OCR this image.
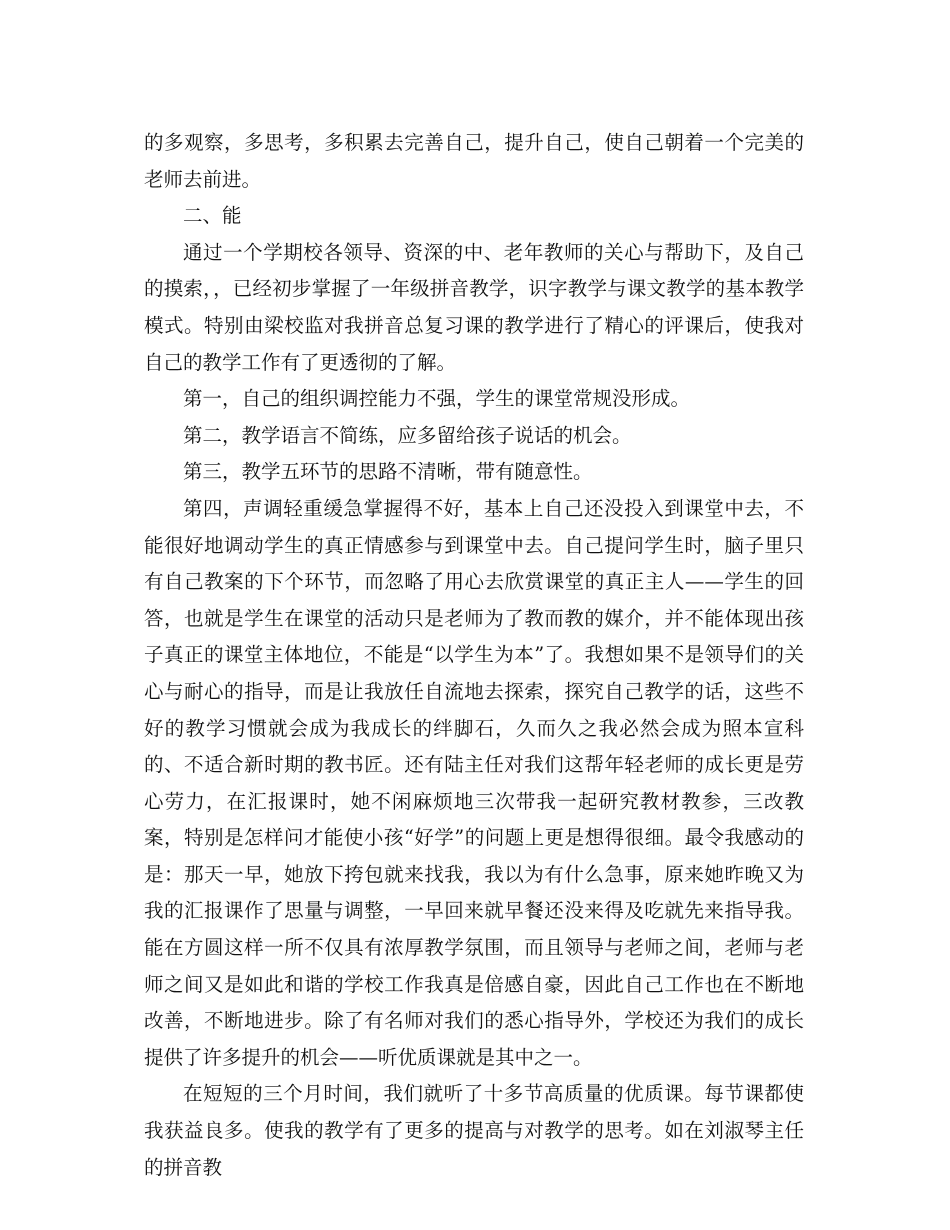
的多观察，多思考，多积累去完善自己，提升自己，使自己朝着一个完美的老师去前进。

二、能

通过一个学期校各领导、资深的中、老年教师的关心与帮助下，及自己的摸索，，已经初步掌握了一年级拼音教学，识字教学与课文教学的基本教学模式。特别由梁校监对我拼音总复习课的教学进行了精心的评课后，使我对自己的教学工作有了更透彻的了解。

第一，自己的组织调控能力不强，学生的课堂常规没形成。

第二，教学语言不简练，应多留给孩子说话的机会。

第三，教学五环节的思路不清晰，带有随意性。

第四，声调轻重缓急掌握得不好，基本上自己还没投入到课堂中去，不能很好地调动学生的真正情感参与到课堂中去。自己提问学生时，脑子里只有自己教案的下个环节，而忽略了用心去欣赏课堂的真正主人——学生的回答，也就是学生在课堂的活动只是老师为了教而教的媒介，并不能体现出孩子真正的课堂主体地位，不能是“以学生为本”了。我想如果不是领导们的关心与耐心的指导，而是让我放任自流地去探索，探究自己教学的话，这些不好的教学习惯就会成为我成长的绊脚石，久而久之我必然会成为照本宣科的、不适合新时期的教书匠。还有陆主任对我们这帮年轻老师的成长更是劳心劳力，在汇报课时，她不闲麻烦地三次带我一起研究教材教参，三改教案，特别是怎样问才能使小孩“好学”的问题上更是想得很细。最令我感动的是：那天一早，她放下挎包就来找我，我以为有什么急事，原来她昨晚又为我的汇报课作了思量与调整，一早回来就早餐还没来得及吃就先来指导我。能在方圆这样一所不仅具有浓厚教学氛围，而且领导与老师之间，老师与老师之间又是如此和谐的学校工作我真是倍感自豪，因此自己工作也在不断地改善，不断地进步。除了有名师对我们的悉心指导外，学校还为我们的成长提供了许多提升的机会——听优质课就是其中之一。

在短短的三个月时间，我们就听了十多节高质量的优质课。每节课都使我获益良多。使我的教学有了更多的提高与对教学的思考。如在刘淑琴主任的拼音教
